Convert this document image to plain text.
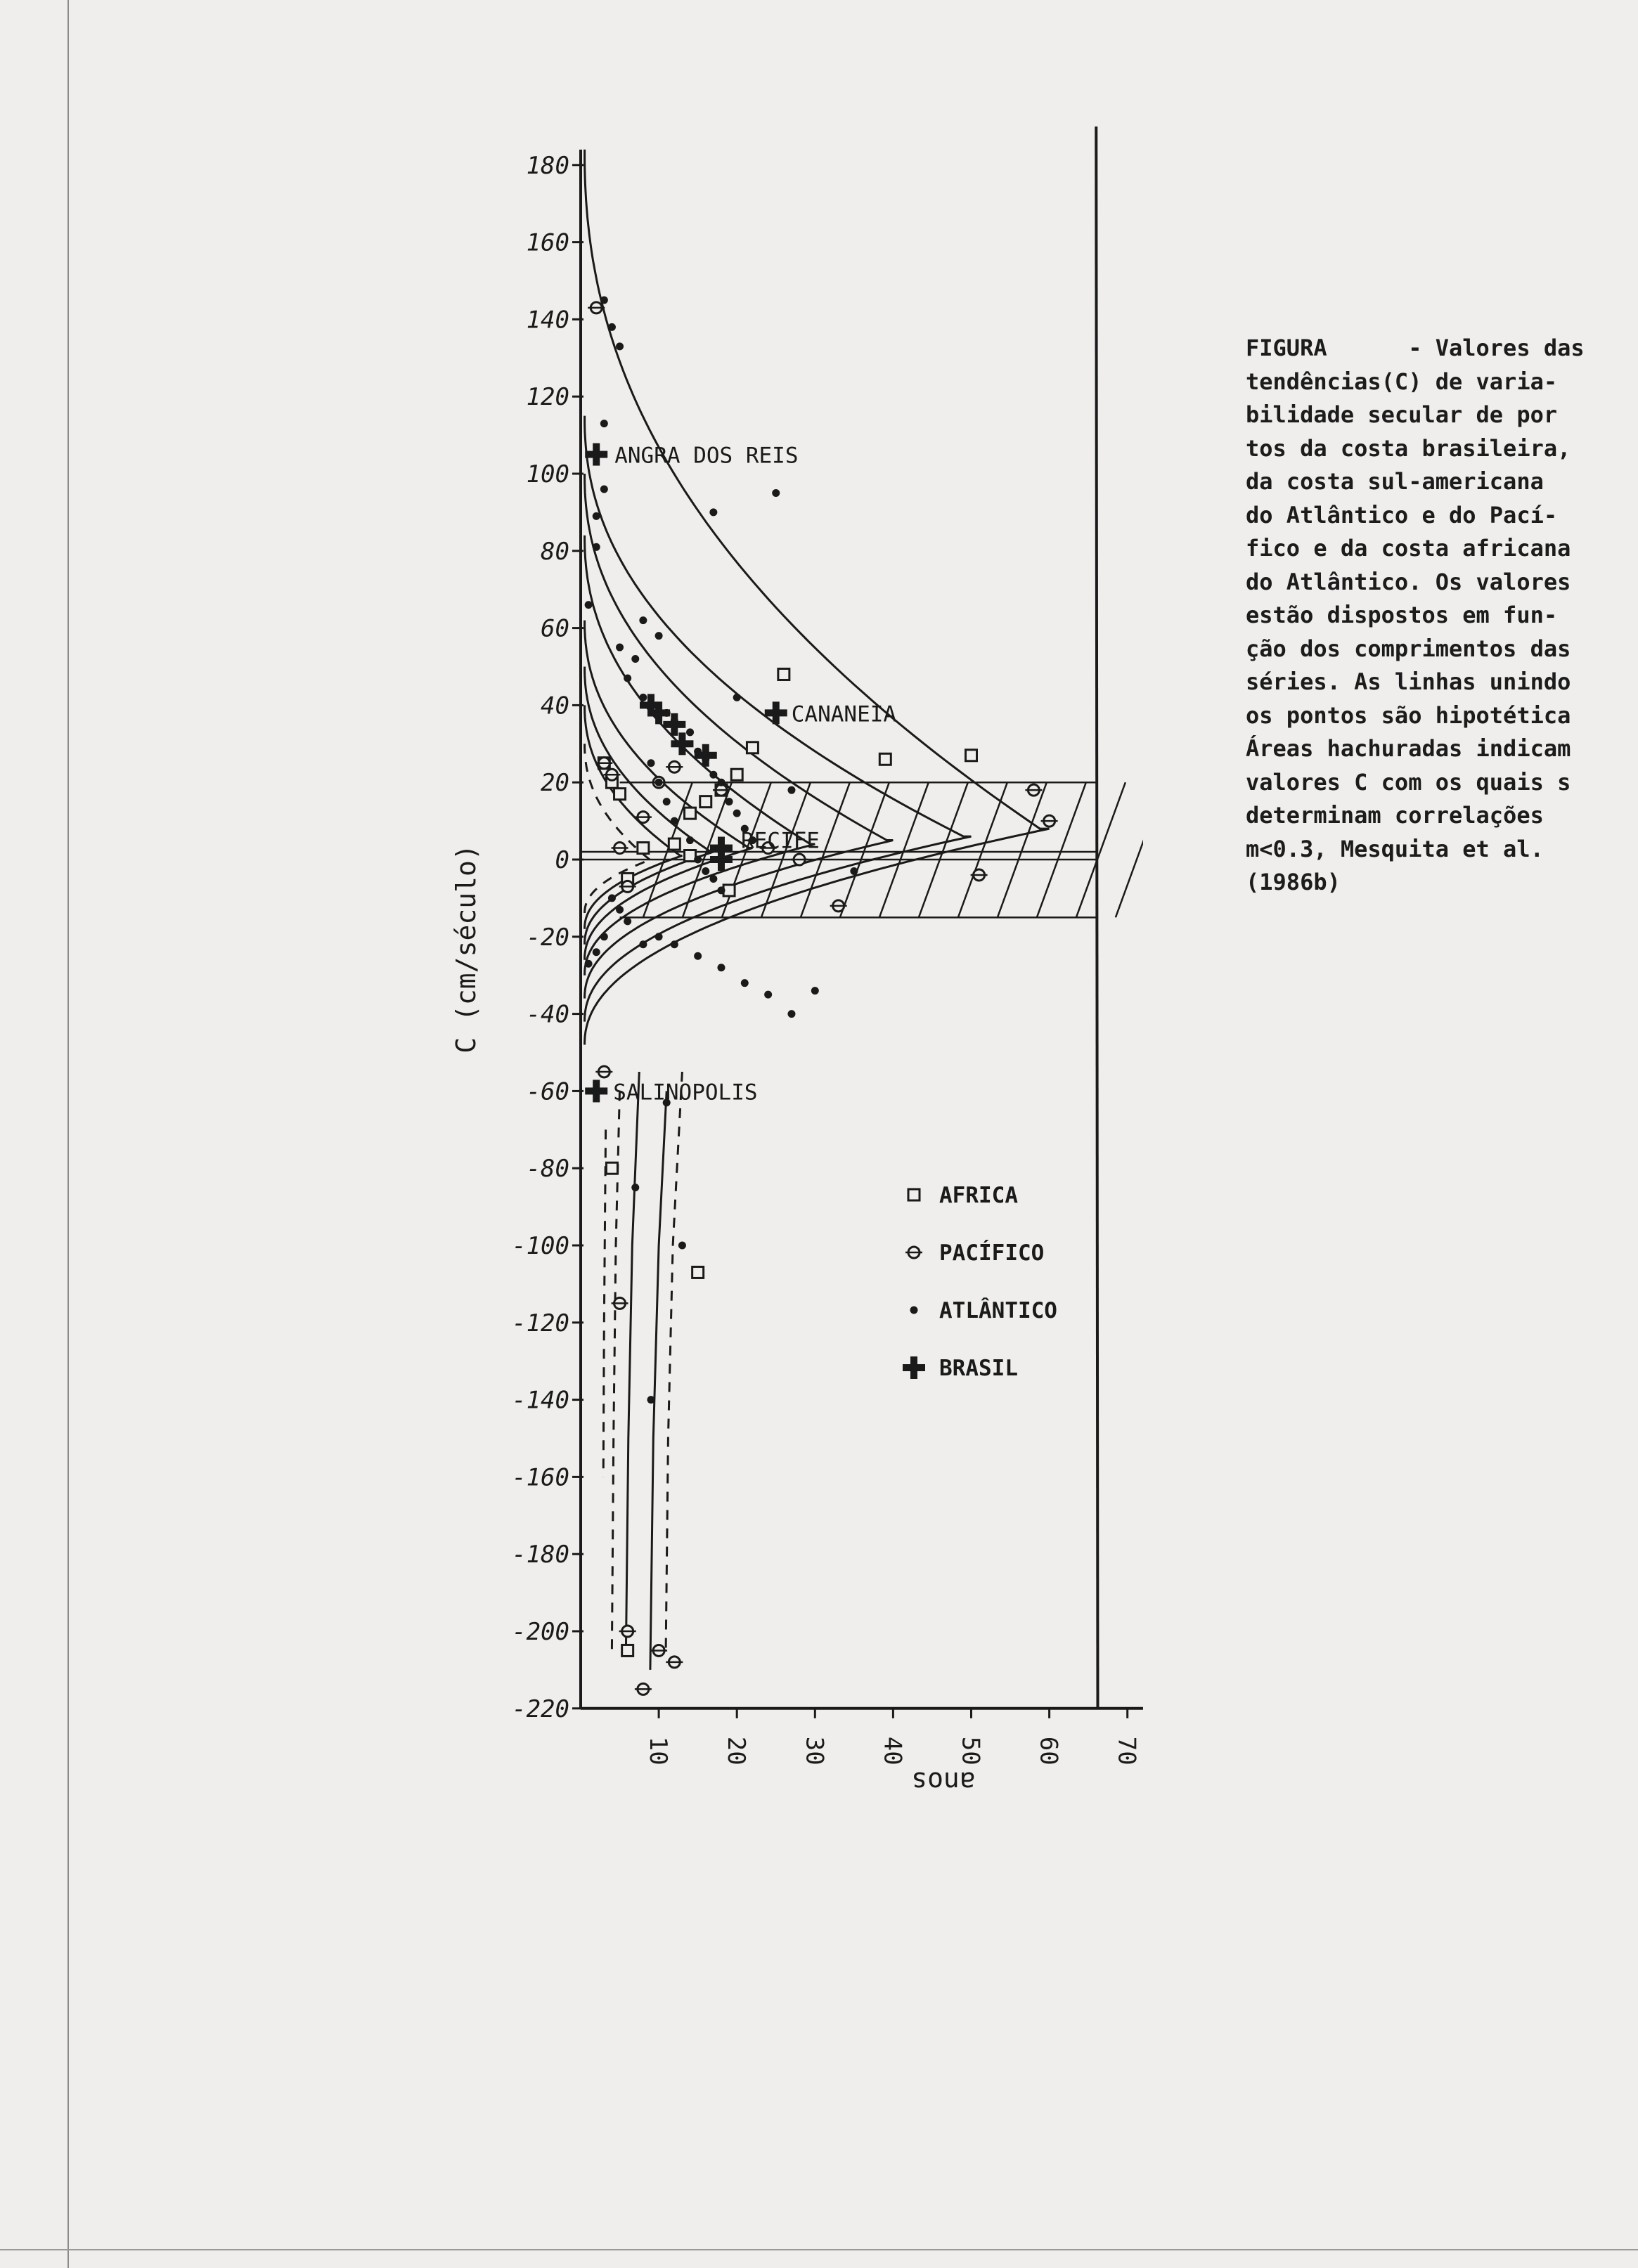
180
160
140
120
100
80
60
40
20
0
-20
-40
-60
-80
-100
-120
-140
-160
-180
-200
-220
10 20 30 40 50 60 70
ANGRA DOS REIS
CANANEIA
RECIFE
SALINOPOLIS
AFRICA
PACÍFICO
ATLÂNTICO
BRASIL
C (cm/século)
anos
FIGURA      - Valores das
tendências(C) de varia-
bilidade secular de por
tos da costa brasileira,
da costa sul-americana
do Atlântico e do Pací-
fico e da costa africana
do Atlântico. Os valores
estão dispostos em fun-
ção dos comprimentos das
séries. As linhas unindo
os pontos são hipotética
Áreas hachuradas indicam
valores C com os quais s
determinam correlações
m<0.3, Mesquita et al.
(1986b)
